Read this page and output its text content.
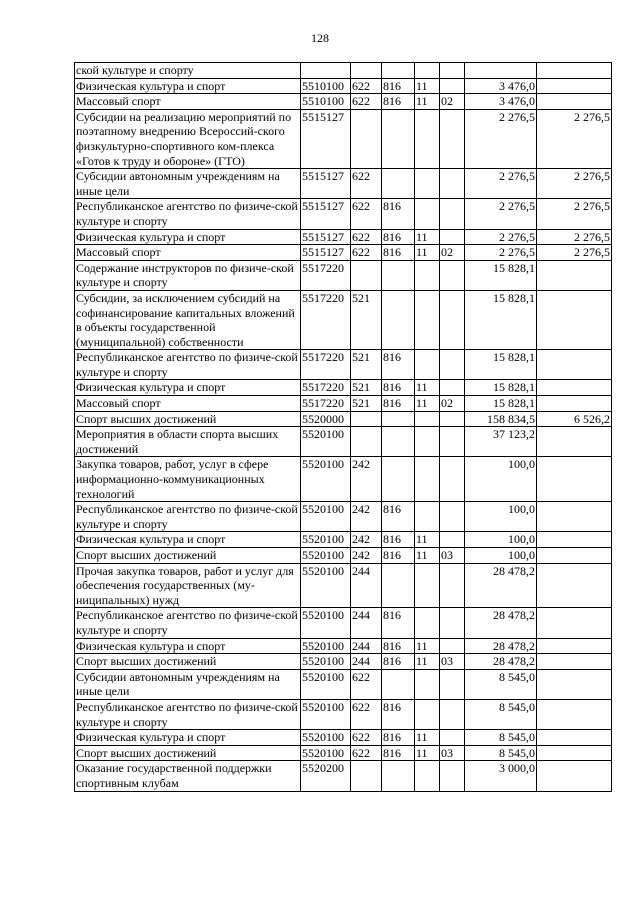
128
ской культуре и спорту							
Физическая культура и спорт	5510100	622	816	11		3 476,0	
Массовый спорт	5510100	622	816	11	02	3 476,0	
Субсидии на реализацию мероприятий по поэтапному внедрению Всероссий-ского физкультурно-спортивного ком-плекса «Готов к труду и обороне» (ГТО)	5515127					2 276,5	2 276,5
Субсидии автономным учреждениям на иные цели	5515127	622				2 276,5	2 276,5
Республиканское агентство по физиче-ской культуре и спорту	5515127	622	816			2 276,5	2 276,5
Физическая культура и спорт	5515127	622	816	11		2 276,5	2 276,5
Массовый спорт	5515127	622	816	11	02	2 276,5	2 276,5
Содержание инструкторов по физиче-ской культуре и спорту	5517220					15 828,1	
Субсидии, за исключением субсидий на софинансирование капитальных вложений в объекты государственной (муниципальной) собственности	5517220	521				15 828,1	
Республиканское агентство по физиче-ской культуре и спорту	5517220	521	816			15 828,1	
Физическая культура и спорт	5517220	521	816	11		15 828,1	
Массовый спорт	5517220	521	816	11	02	15 828,1	
Спорт высших достижений	5520000					158 834,5	6 526,2
Мероприятия в области спорта высших достижений	5520100					37 123,2	
Закупка товаров, работ, услуг в сфере информационно-коммуникационных технологий	5520100	242				100,0	
Республиканское агентство по физиче-ской культуре и спорту	5520100	242	816			100,0	
Физическая культура и спорт	5520100	242	816	11		100,0	
Спорт высших достижений	5520100	242	816	11	03	100,0	
Прочая закупка товаров, работ и услуг для обеспечения государственных (му-ниципальных) нужд	5520100	244				28 478,2	
Республиканское агентство по физиче-ской культуре и спорту	5520100	244	816			28 478,2	
Физическая культура и спорт	5520100	244	816	11		28 478,2	
Спорт высших достижений	5520100	244	816	11	03	28 478,2	
Субсидии автономным учреждениям на иные цели	5520100	622				8 545,0	
Республиканское агентство по физиче-ской культуре и спорту	5520100	622	816			8 545,0	
Физическая культура и спорт	5520100	622	816	11		8 545,0	
Спорт высших достижений	5520100	622	816	11	03	8 545,0	
Оказание государственной поддержки спортивным клубам	5520200					3 000,0	
